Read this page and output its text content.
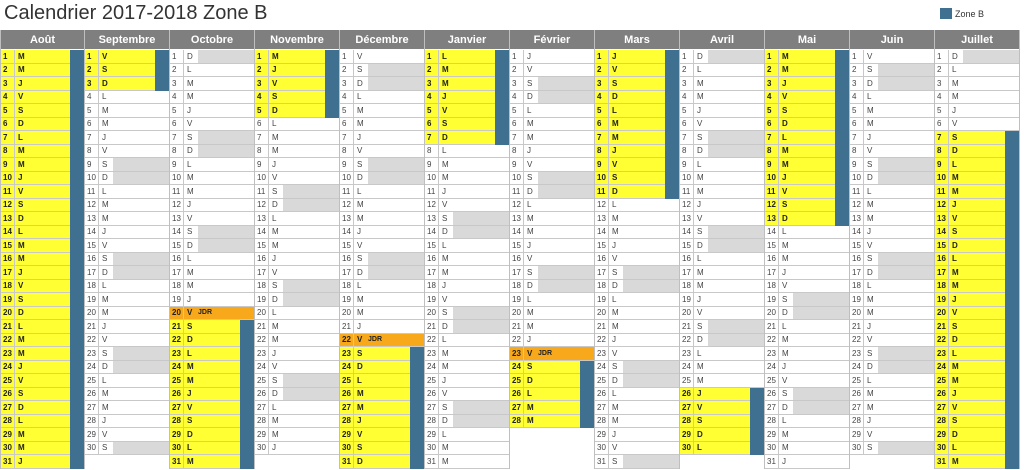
Calendrier 2017-2018 Zone B	Zone B
Août
1	M
2	M
3	J
4	V
5	S
6	D
7	L
8	M
9	M
10 J
11 V
12 S
13 D
14 L
15 M
16 M
17 J
18 V
19 S
20 D
21 L
22 M
23 M
24 J
25 V
26 S
27 D
28 L
29 M
30 M
31 J
Septembre
1	V
2	S
3	D
4	L
5	M
6	M
7	J
8	V
9	S
10 D
11 L
12 M
13 M
14 J
15 V
16 S
17 D
18 L
19 M
20 M
21 J
22 V
23 S
24 D
25 L
26 M
27 M
28 J
29 V
30 S
Octobre
1	D
2	L
3	M
4	M
5	J
6	V
7	S
8	D
9	L
10 M
11 M
12 J
13 V
14 S
15 D
16 L
17 M
18 M
19 J
20 V JDR
21 S
22 D
23 L
24 M
25 M
26 J
27 V
28 S
29 D
30 L
31 M
Novembre
1	M
2	J
3	V
4	S
5	D
6	L
7	M
8	M
9	J
10 V
11 S
12 D
13 L
14 M
15 M
16 J
17 V
18 S
19 D
20 L
21 M
22 M
23 J
24 V
25 S
26 D
27 L
28 M
29 M
30 J
Décembre
1	V
2	S
3	D
4	L
5	M
6	M
7	J
8	V
9	S
10 D
11 L
12 M
13 M
14 J
15 V
16 S
17 D
18 L
19 M
20 M
21 J
22 V JDR
23 S
24 D
25 L
26 M
27 M
28 J
29 V
30 S
31 D
Janvier
1	L
2	M
3	M
4	J
5	V
6	S
7	D
8	L
9	M
10 M
11 J
12 V
13 S
14 D
15 L
16 M
17 M
18 J
19 V
20 S
21 D
22 L
23 M
24 M
25 J
26 V
27 S
28 D
29 L
30 M
31 M
Février
1	J
2	V
3	S
4	D
5	L
6	M
7	M
8	J
9	V
10 S
11 D
12 L
13 M
14 M
15 J
16 V
17 S
18 D
19 L
20 M
21 M
22 J
23 V JDR
24 S
25 D
26 L
27 M
28 M
Mars
1	J
2	V
3	S
4	D
5	L
6	M
7	M
8	J
9	V
10 S
11 D
12 L
13 M
14 M
15 J
16 V
17 S
18 D
19 L
20 M
21 M
22 J
23 V
24 S
25 D
26 L
27 M
28 M
29 J
30 V
31 S
Avril
1	D
2	L
3	M
4	M
5	J
6	V
7	S
8	D
9	L
10 M
11 M
12 J
13 V
14 S
15 D
16 L
17 M
18 M
19 J
20 V
21 S
22 D
23 L
24 M
25 M
26 J
27 V
28 S
29 D
30 L
Mai
1	M
2	M
3	J
4	V
5	S
6	D
7	L
8	M
9	M
10 J
11 V
12 S
13 D
14 L
15 M
16 M
17 J
18 V
19 S
20 D
21 L
22 M
23 M
24 J
25 V
26 S
27 D
28 L
29 M
30 M
31 J
Juin
1	V
2	S
3	D
4	L
5	M
6	M
7	J
8	V
9	S
10 D
11 L
12 M
13 M
14 J
15 V
16 S
17 D
18 L
19 M
20 M
21 J
22 V
23 S
24 D
25 L
26 M
27 M
28 J
29 V
30 S
Juillet
1	D
2	L
3	M
4	M
5	J
6	V
7	S
8	D
9	L
10 M
11 M
12 J
13 V
14 S
15 D
16 L
17 M
18 M
19 J
20 V
21 S
22 D
23 L
24 M
25 M
26 J
27 V
28 S
29 D
30 L
31 M
